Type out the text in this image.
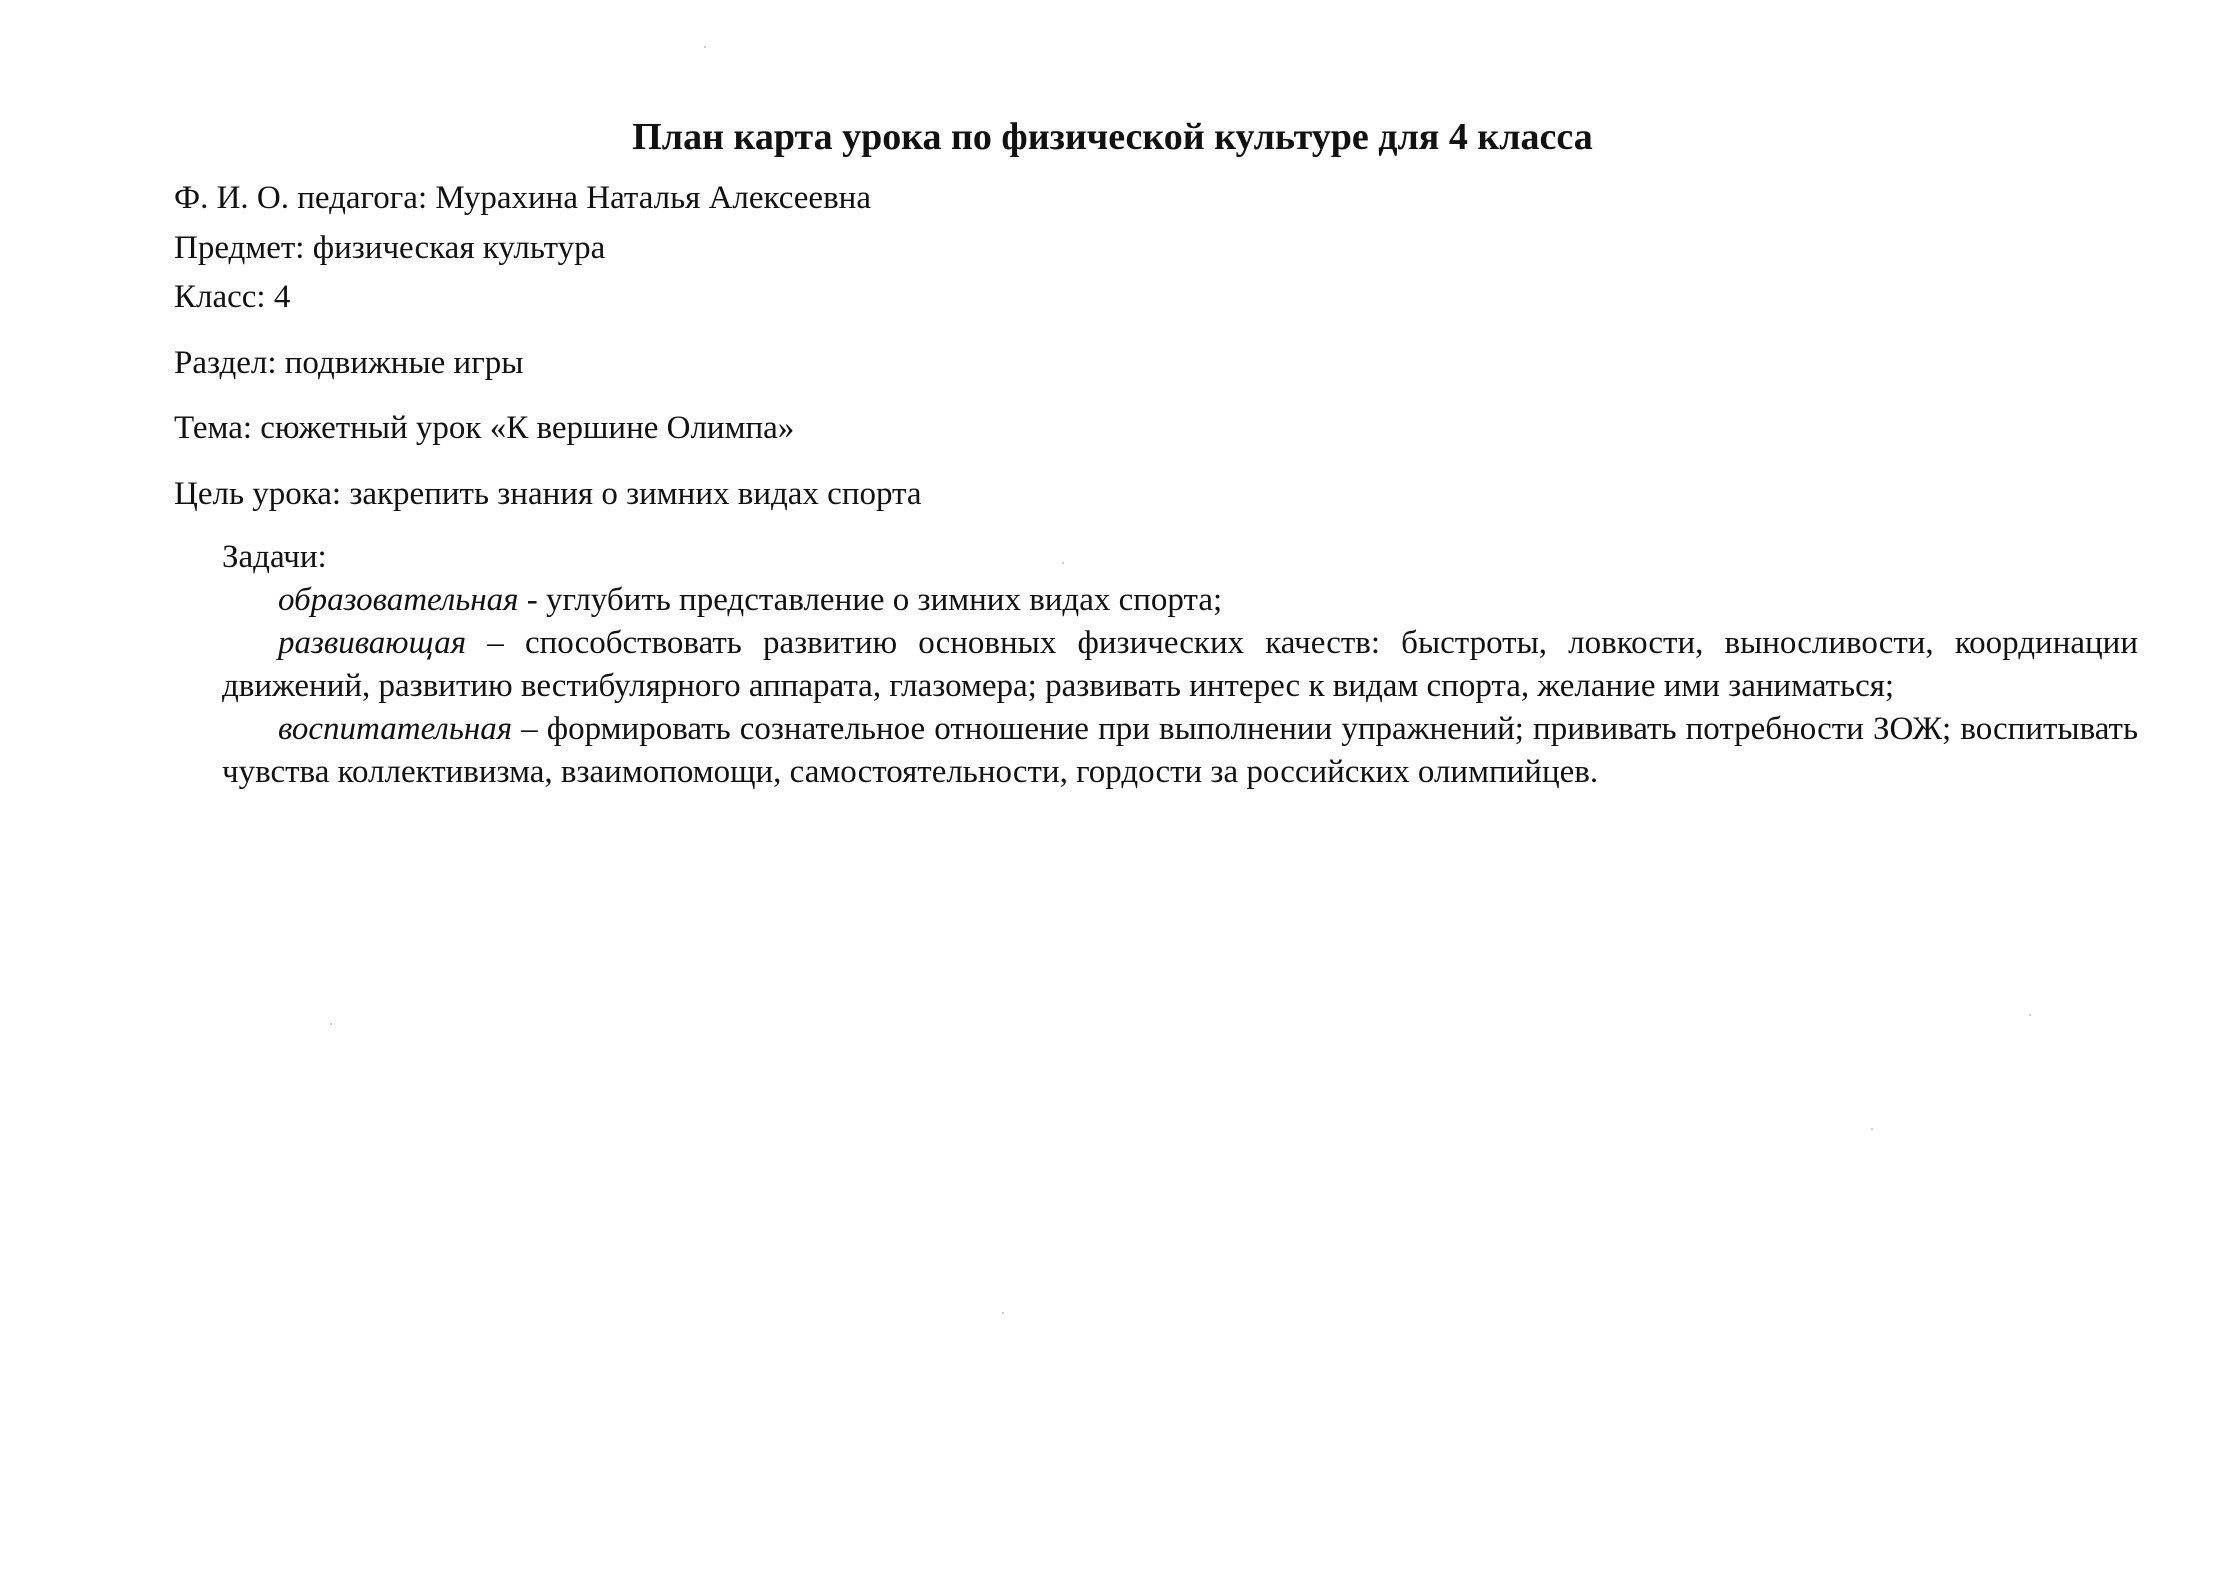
План карта урока по физической культуре для 4 класса
Ф. И. О. педагога: Мурахина Наталья Алексеевна
Предмет: физическая культура
Класс: 4
Раздел: подвижные игры
Тема: сюжетный урок «К вершине Олимпа»
Цель урока: закрепить знания о зимних видах спорта

Задачи:

образовательная - углубить представление о зимних видах спорта;

развивающая – способствовать развитию основных физических качеств: быстроты, ловкости, выносливости, координации движений, развитию вестибулярного аппарата, глазомера; развивать интерес к видам спорта, желание ими заниматься;

воспитательная – формировать сознательное отношение при выполнении упражнений; прививать потребности ЗОЖ; воспитывать чувства коллективизма, взаимопомощи, самостоятельности, гордости за российских олимпийцев.
